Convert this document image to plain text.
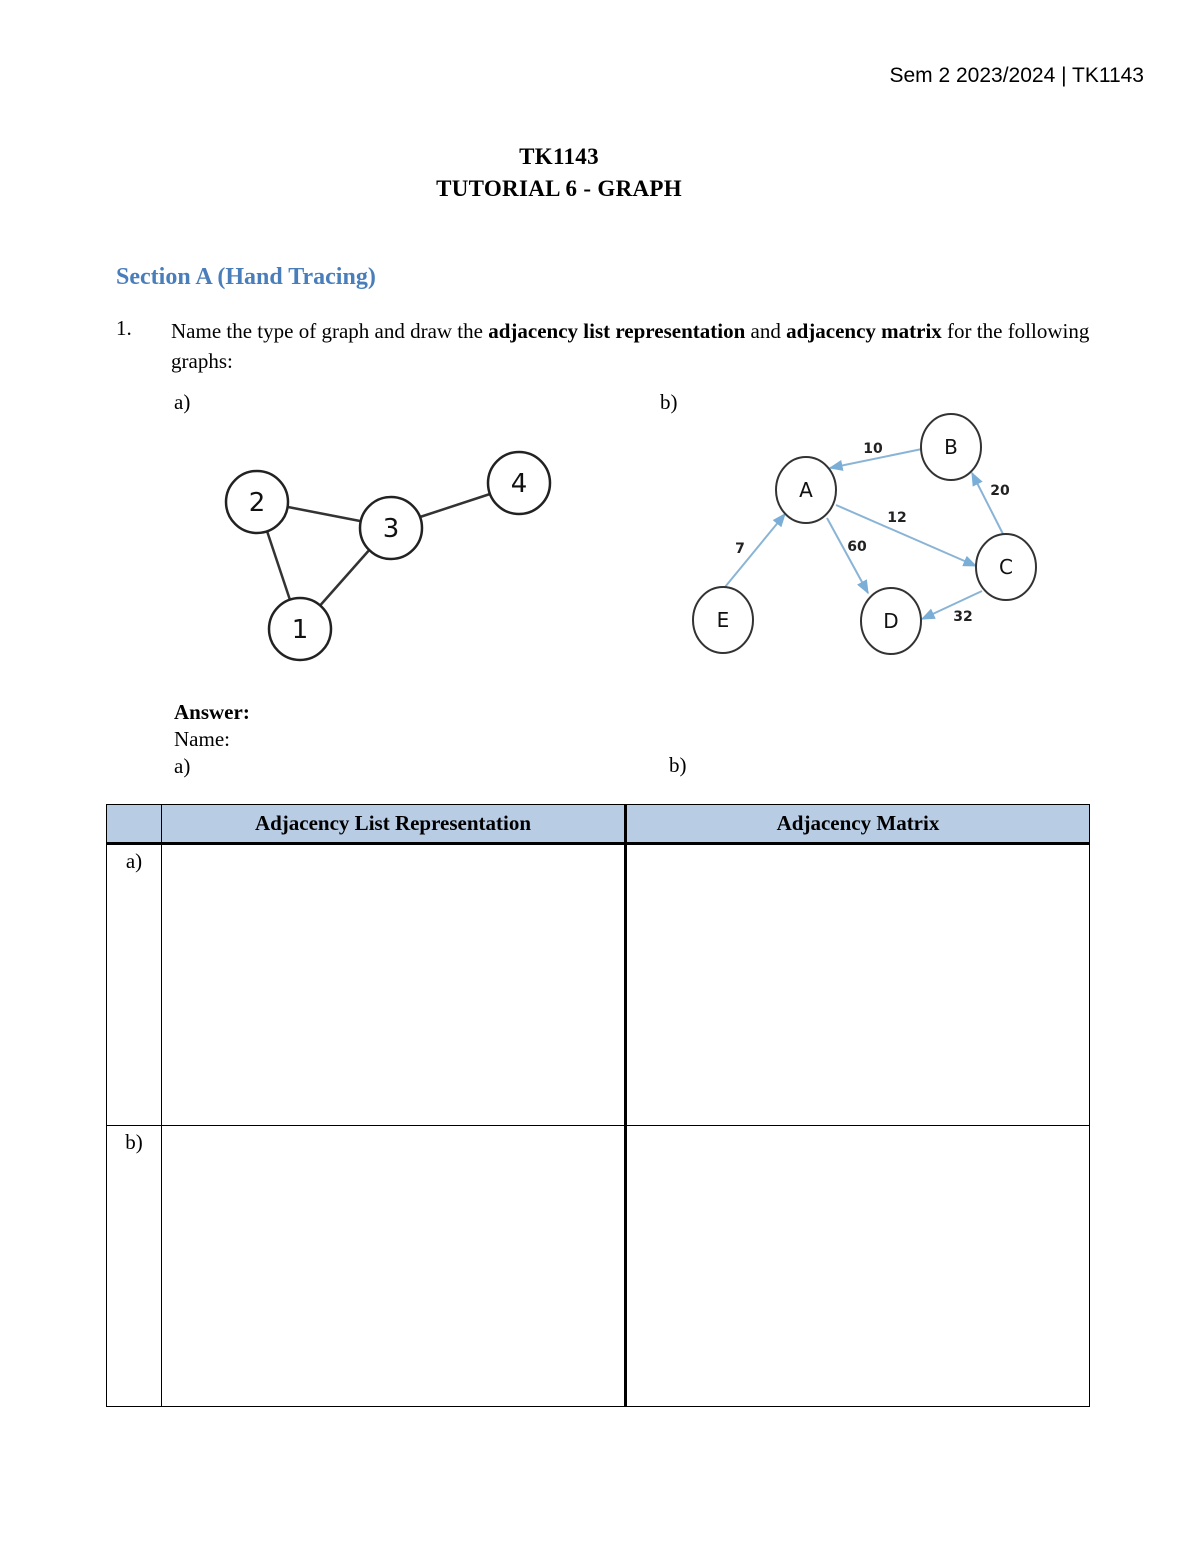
Sem 2 2023/2024 | TK1143
TK1143
TUTORIAL 6 - GRAPH
Section A (Hand Tracing)
1. Name the type of graph and draw the adjacency list representation and adjacency matrix for the following graphs:
a)	b)
2
3
4
1
A
B
C
D
E
10
20
12
60
7
32
Answer:
Name:
a)	b)
	Adjacency List Representation	Adjacency Matrix
a)		
b)		
